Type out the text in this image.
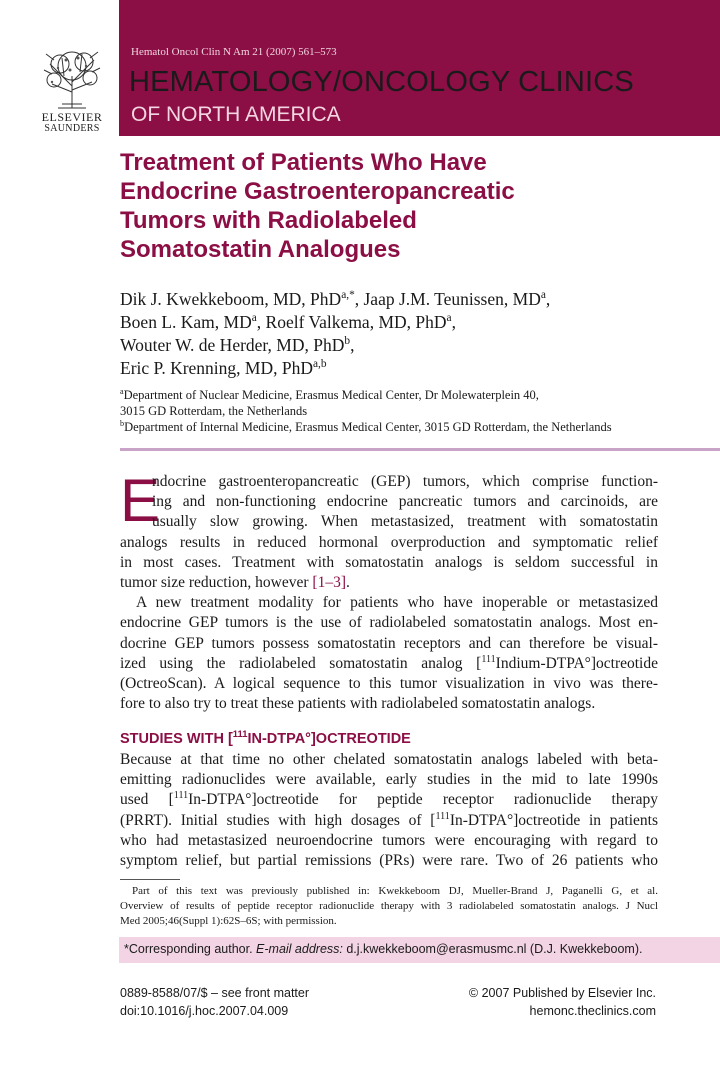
ELSEVIER
SAUNDERS
Hematol Oncol Clin N Am 21 (2007) 561–573
HEMATOLOGY/ONCOLOGY CLINICS
OF NORTH AMERICA
Treatment of Patients Who Have
Endocrine Gastroenteropancreatic
Tumors with Radiolabeled
Somatostatin Analogues

Dik J. Kwekkeboom, MD, PhD$^{a,*}$, Jaap J.M. Teunissen, $MD^a$,

Boen L. Kam, $MD^a$, Roelf Valkema, MD, PhD$^a$,

Wouter W. de Herder, MD, PhD$^b$,

Eric P. Krenning, MD, PhD$^{a,b}$

$^a$Department of Nuclear Medicine, Erasmus Medical Center, Dr Molewaterplein 40,

3015 GD Rotterdam, the Netherlands

$^b$Department of Internal Medicine, Erasmus Medical Center, 3015 GD Rotterdam, the Netherlands

E
ndocrine gastroenteropancreatic (GEP) tumors, which comprise function-
ing and non-functioning endocrine pancreatic tumors and carcinoids, are
usually slow growing. When metastasized, treatment with somatostatin
analogs results in reduced hormonal overproduction and symptomatic relief
in most cases. Treatment with somatostatin analogs is seldom successful in
tumor size reduction, however [1–3].
A new treatment modality for patients who have inoperable or metastasized
endocrine GEP tumors is the use of radiolabeled somatostatin analogs. Most en-
docrine GEP tumors possess somatostatin receptors and can therefore be visual-
ized using the radiolabeled somatostatin analog [$^{111}$Indium-DTPA°]octreotide
(OctreoScan). A logical sequence to this tumor visualization in vivo was there-
fore to also try to treat these patients with radiolabeled somatostatin analogs.
STUDIES WITH [$^{111}$IN-DTPA°]OCTREOTIDE
Because at that time no other chelated somatostatin analogs labeled with beta-
emitting radionuclides were available, early studies in the mid to late 1990s
used [$^{111}$In-DTPA°]octreotide for peptide receptor radionuclide therapy
(PRRT). Initial studies with high dosages of [$^{111}$In-DTPA°]octreotide in patients
who had metastasized neuroendocrine tumors were encouraging with regard to
symptom relief, but partial remissions (PRs) were rare. Two of 26 patients who
Part of this text was previously published in: Kwekkeboom DJ, Mueller-Brand J, Paganelli G, et al.
Overview of results of peptide receptor radionuclide therapy with 3 radiolabeled somatostatin analogs. J Nucl
Med 2005;46(Suppl 1):62S–6S; with permission.
*Corresponding author. E-mail address: d.j.kwekkeboom@erasmusmc.nl (D.J. Kwekkeboom).
0889-8588/07/$ – see front matter
doi:10.1016/j.hoc.2007.04.009
© 2007 Published by Elsevier Inc.
hemonc.theclinics.com
